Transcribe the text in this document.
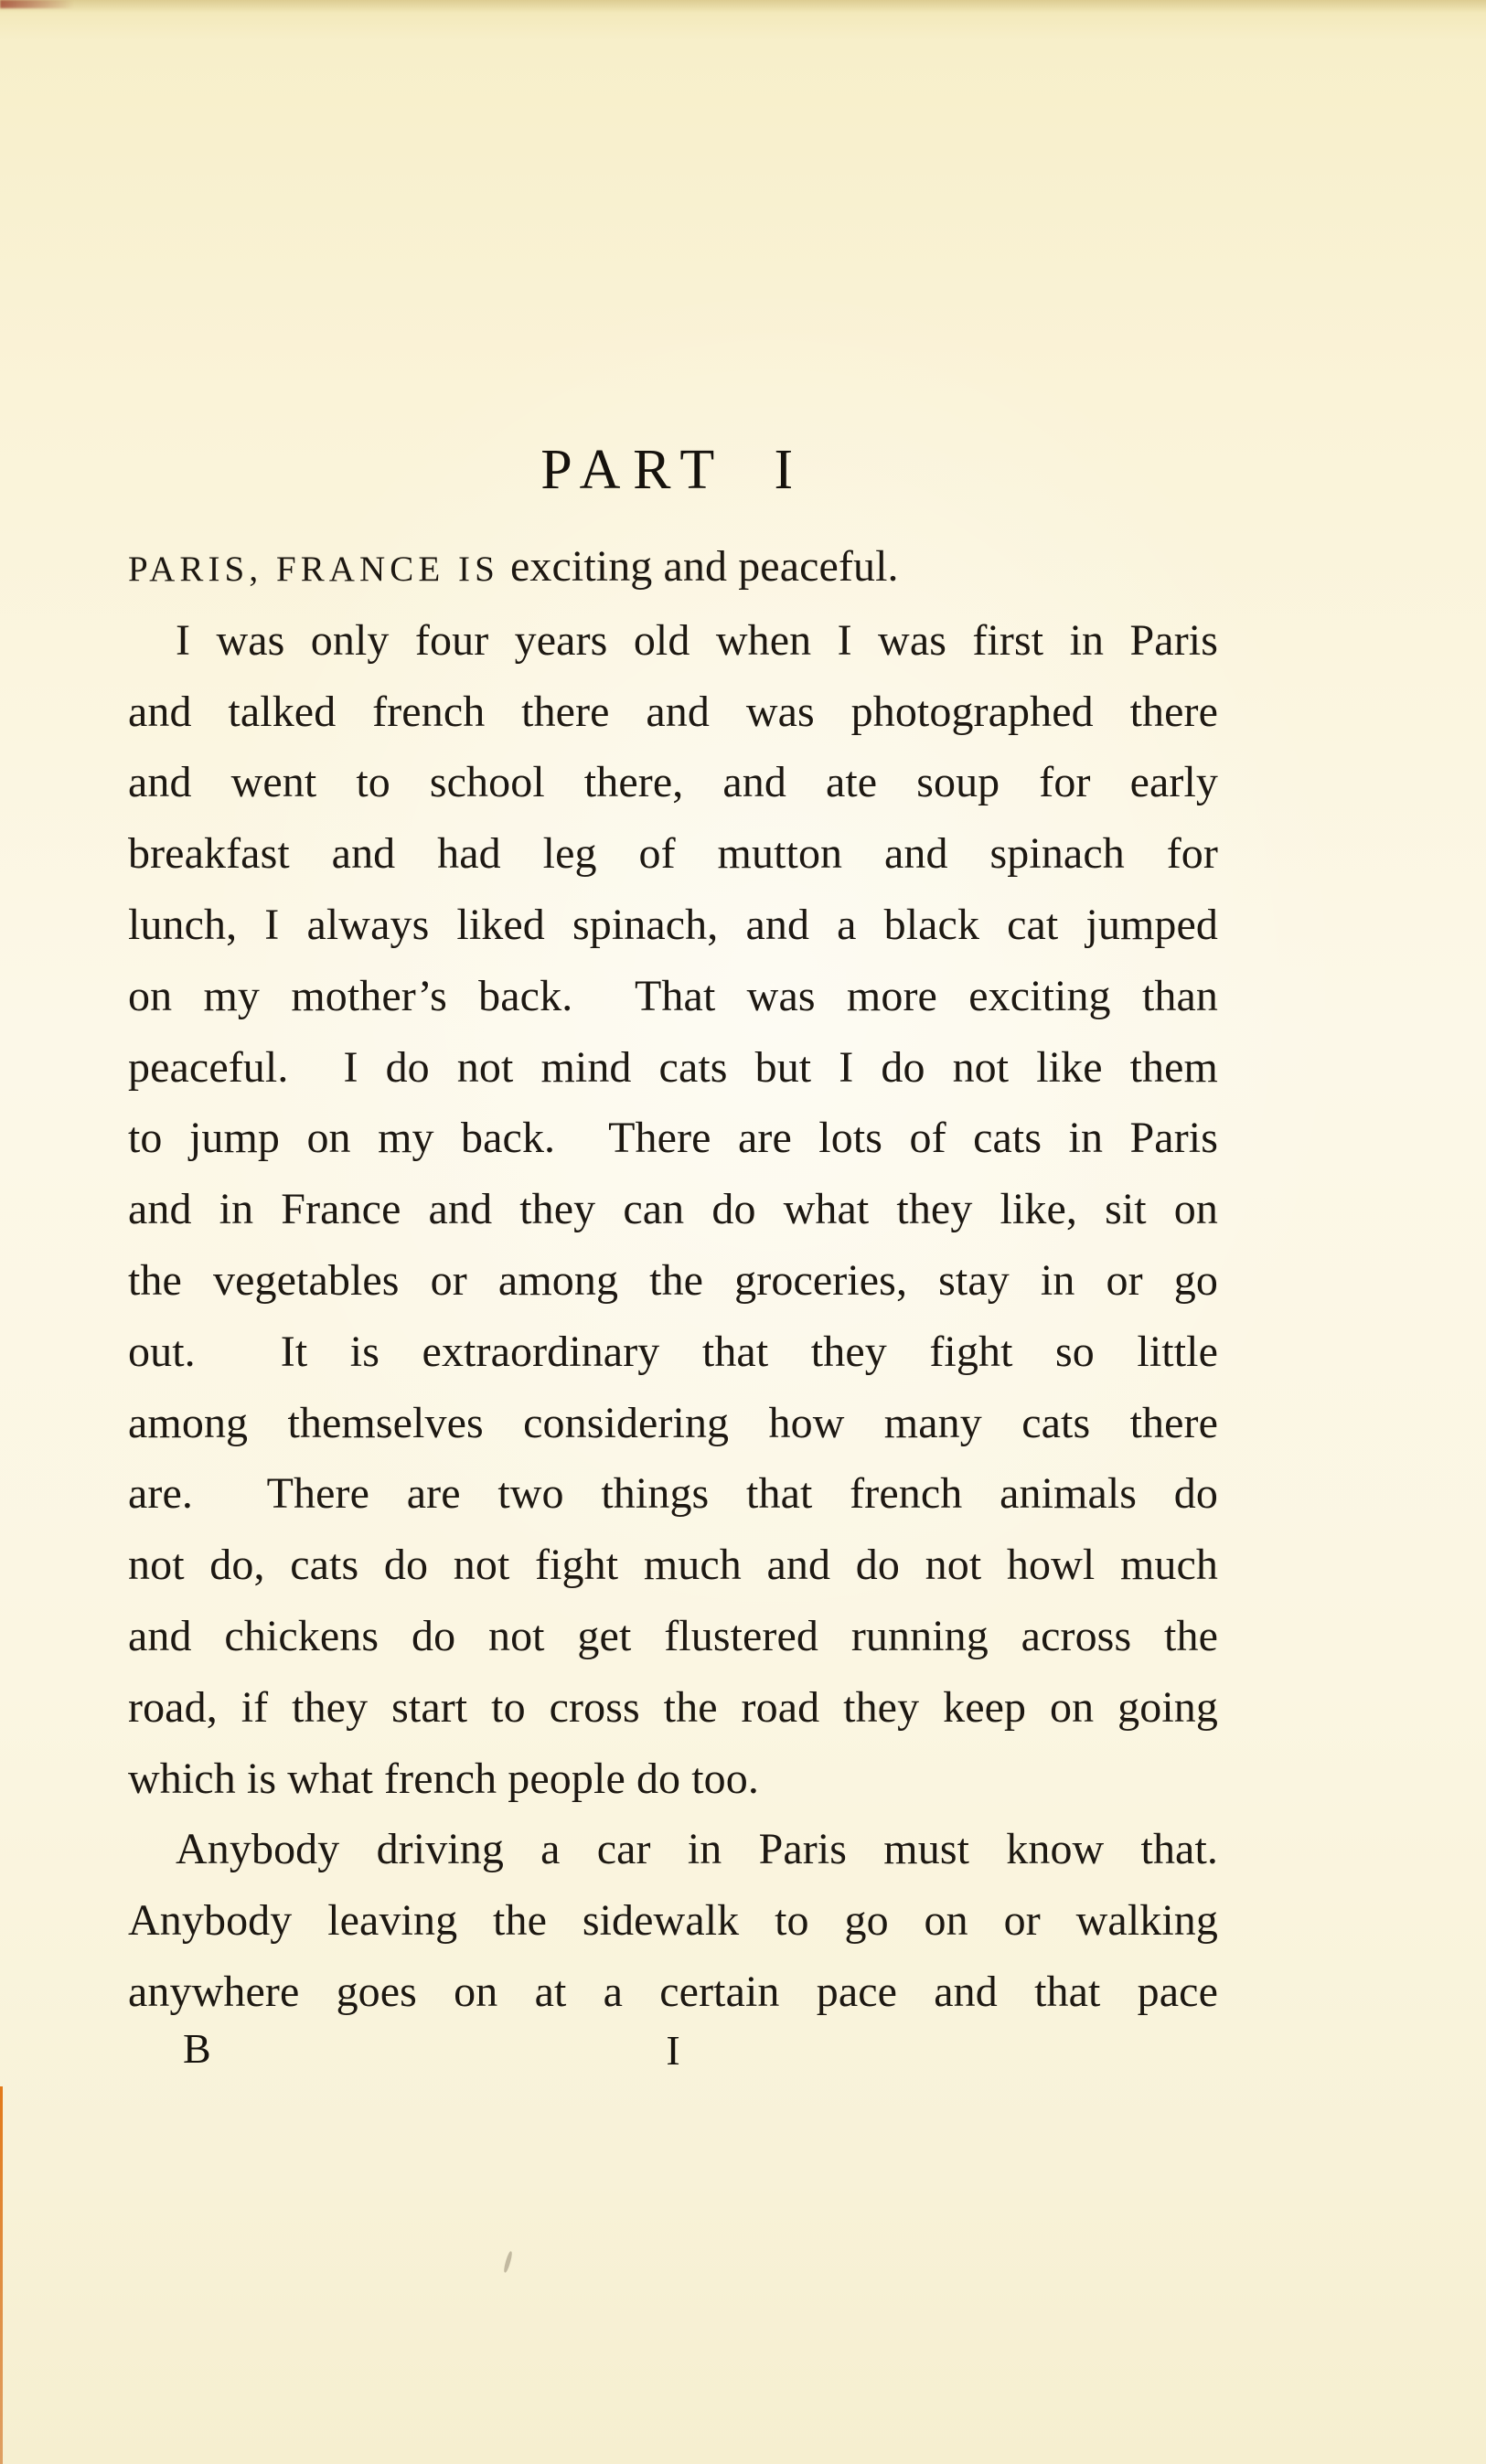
PART I
PARIS, FRANCE IS exciting and peaceful.
I was only four years old when I was first in Paris
and talked french there and was photographed there
and went to school there, and ate soup for early
breakfast and had leg of mutton and spinach for
lunch, I always liked spinach, and a black cat jumped
on my mother’s back.  That was more exciting than
peaceful.  I do not mind cats but I do not like them
to jump on my back.  There are lots of cats in Paris
and in France and they can do what they like, sit on
the vegetables or among the groceries, stay in or go
out.  It is extraordinary that they fight so little
among themselves considering how many cats there
are.  There are two things that french animals do
not do, cats do not fight much and do not howl much
and chickens do not get flustered running across the
road, if they start to cross the road they keep on going
which is what french people do too.
Anybody driving a car in Paris must know that.
Anybody leaving the sidewalk to go on or walking
anywhere goes on at a certain pace and that pace
B	I
